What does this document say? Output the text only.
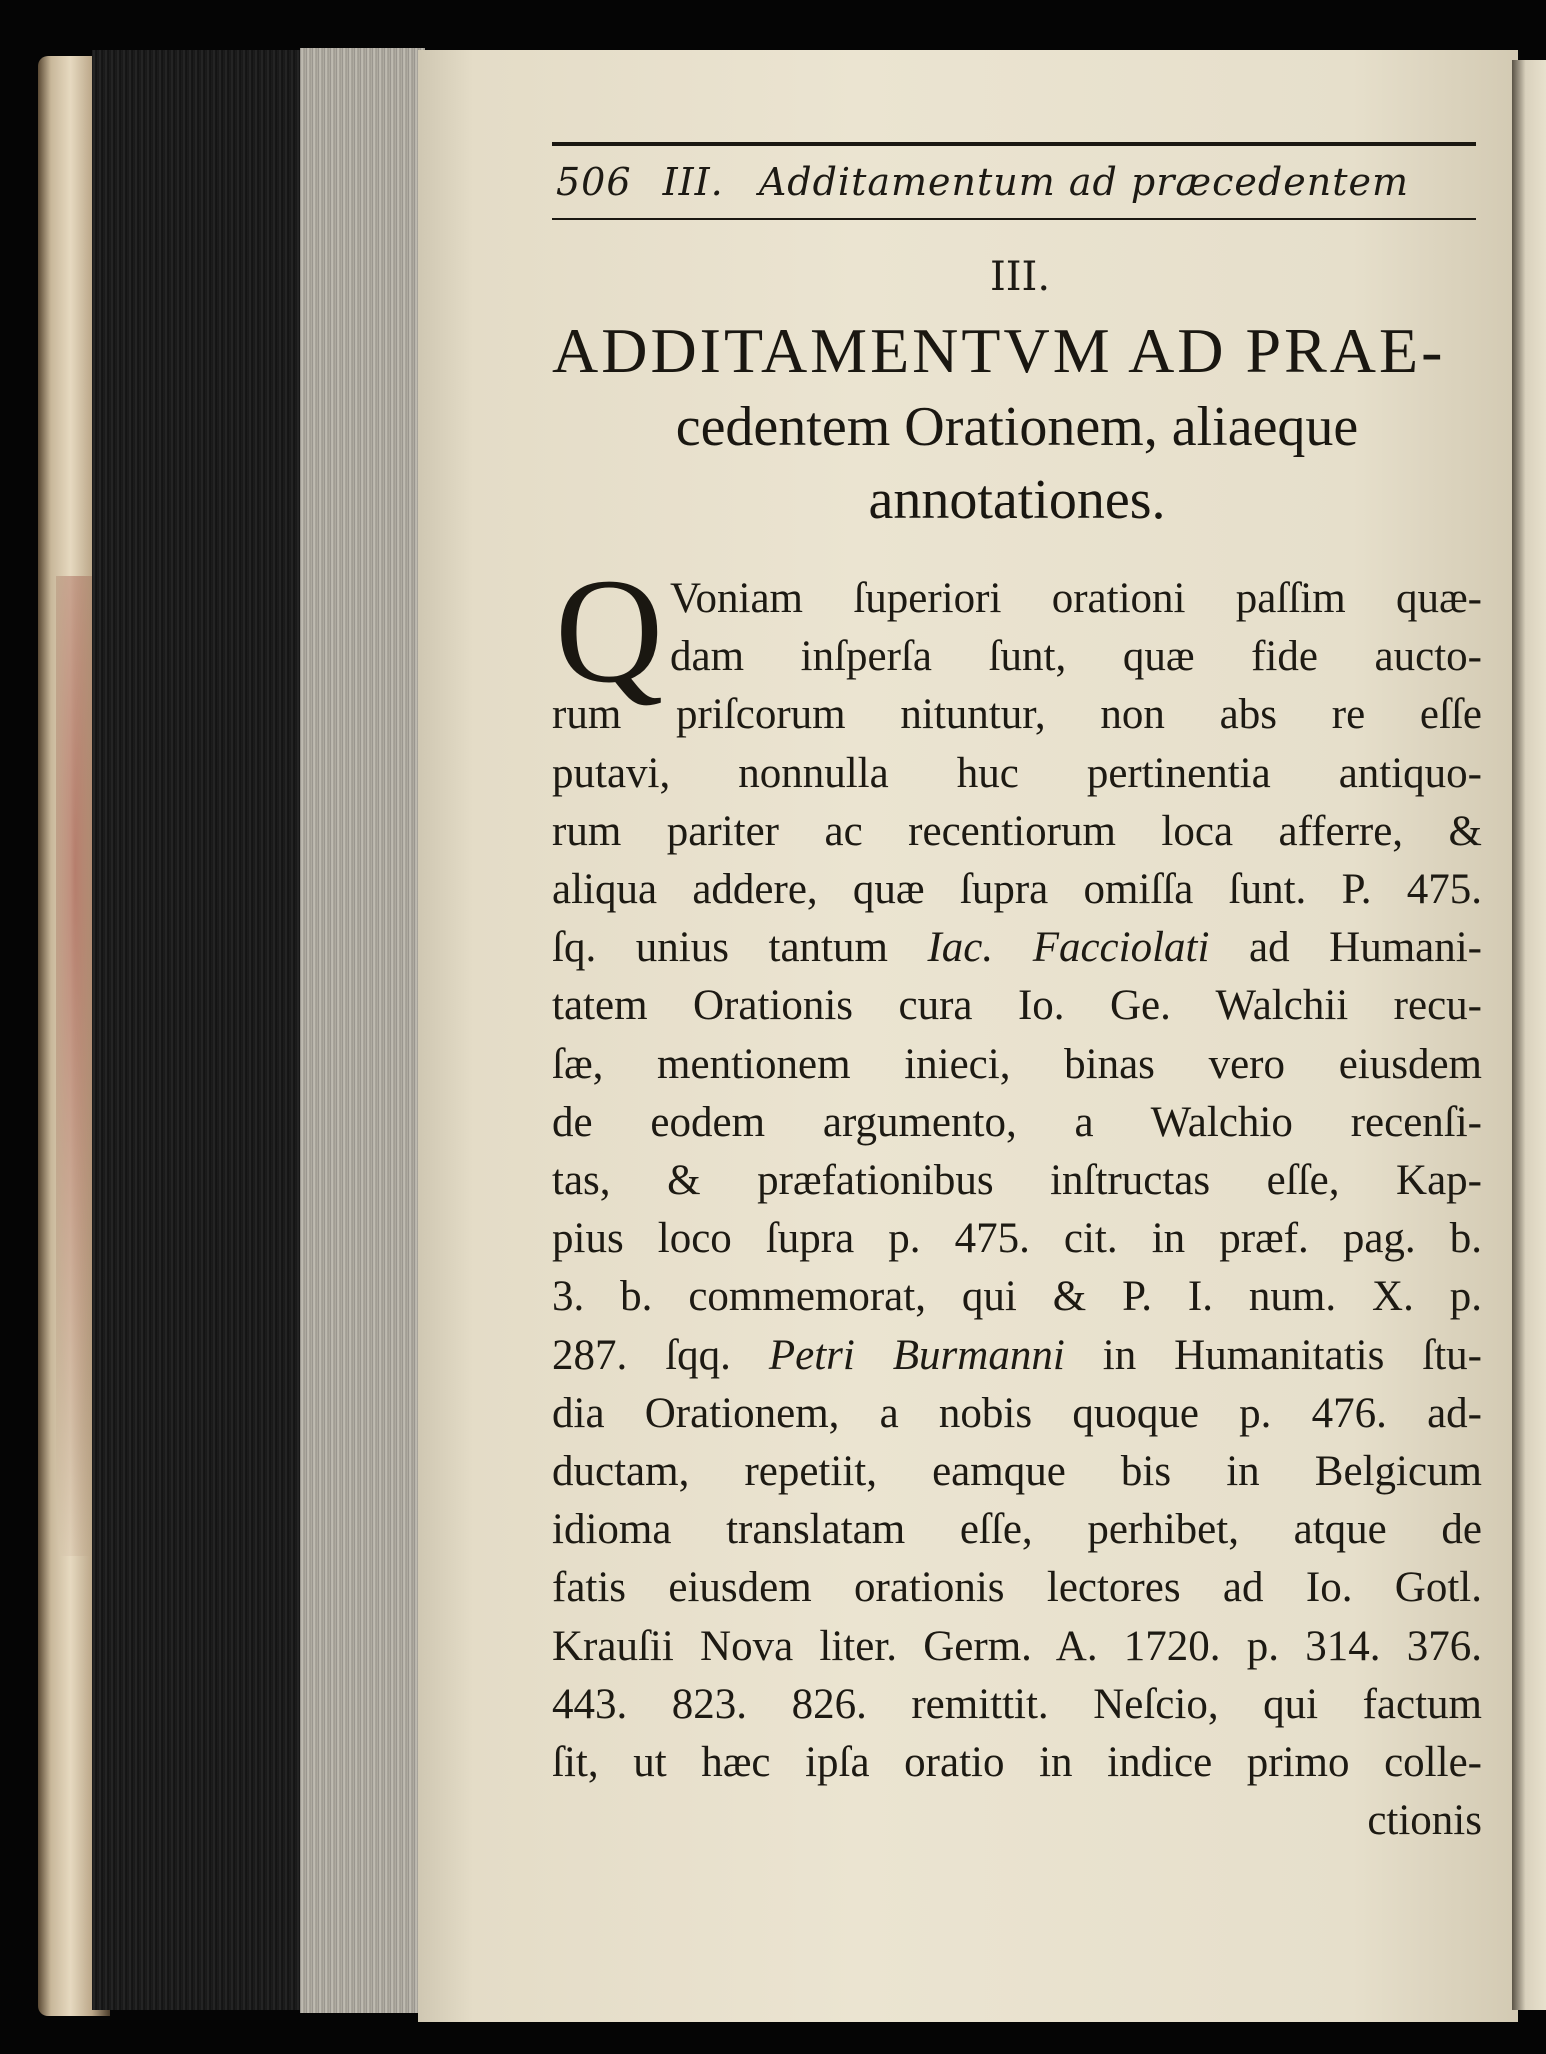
506 III. Additamentum ad præcedentem
III.
ADDITAMENTVM AD PRAE-
cedentem Orationem, aliaeque
annotationes.
Q Voniam ſuperiori orationi paſſim quæ-
dam inſperſa ſunt, quæ fide aucto-
rum priſcorum nituntur, non abs re eſſe
putavi, nonnulla huc pertinentia antiquo-
rum pariter ac recentiorum loca afferre, &
aliqua addere, quæ ſupra omiſſa ſunt. P. 475.
ſq. unius tantum Iac. Facciolati ad Humani-
tatem Orationis cura Io. Ge. Walchii recu-
ſæ, mentionem inieci, binas vero eiusdem
de eodem argumento, a Walchio recenſi-
tas, & præfationibus inſtructas eſſe, Kap-
pius loco ſupra p. 475. cit. in præf. pag. b.
3. b. commemorat, qui & P. I. num. X. p.
287. ſqq. Petri Burmanni in Humanitatis ſtu-
dia Orationem, a nobis quoque p. 476. ad-
ductam, repetiit, eamque bis in Belgicum
idioma translatam eſſe, perhibet, atque de
fatis eiusdem orationis lectores ad Io. Gotl.
Krauſii Nova liter. Germ. A. 1720. p. 314. 376.
443. 823. 826. remittit. Neſcio, qui factum
ſit, ut hæc ipſa oratio in indice primo colle-
ctionis
